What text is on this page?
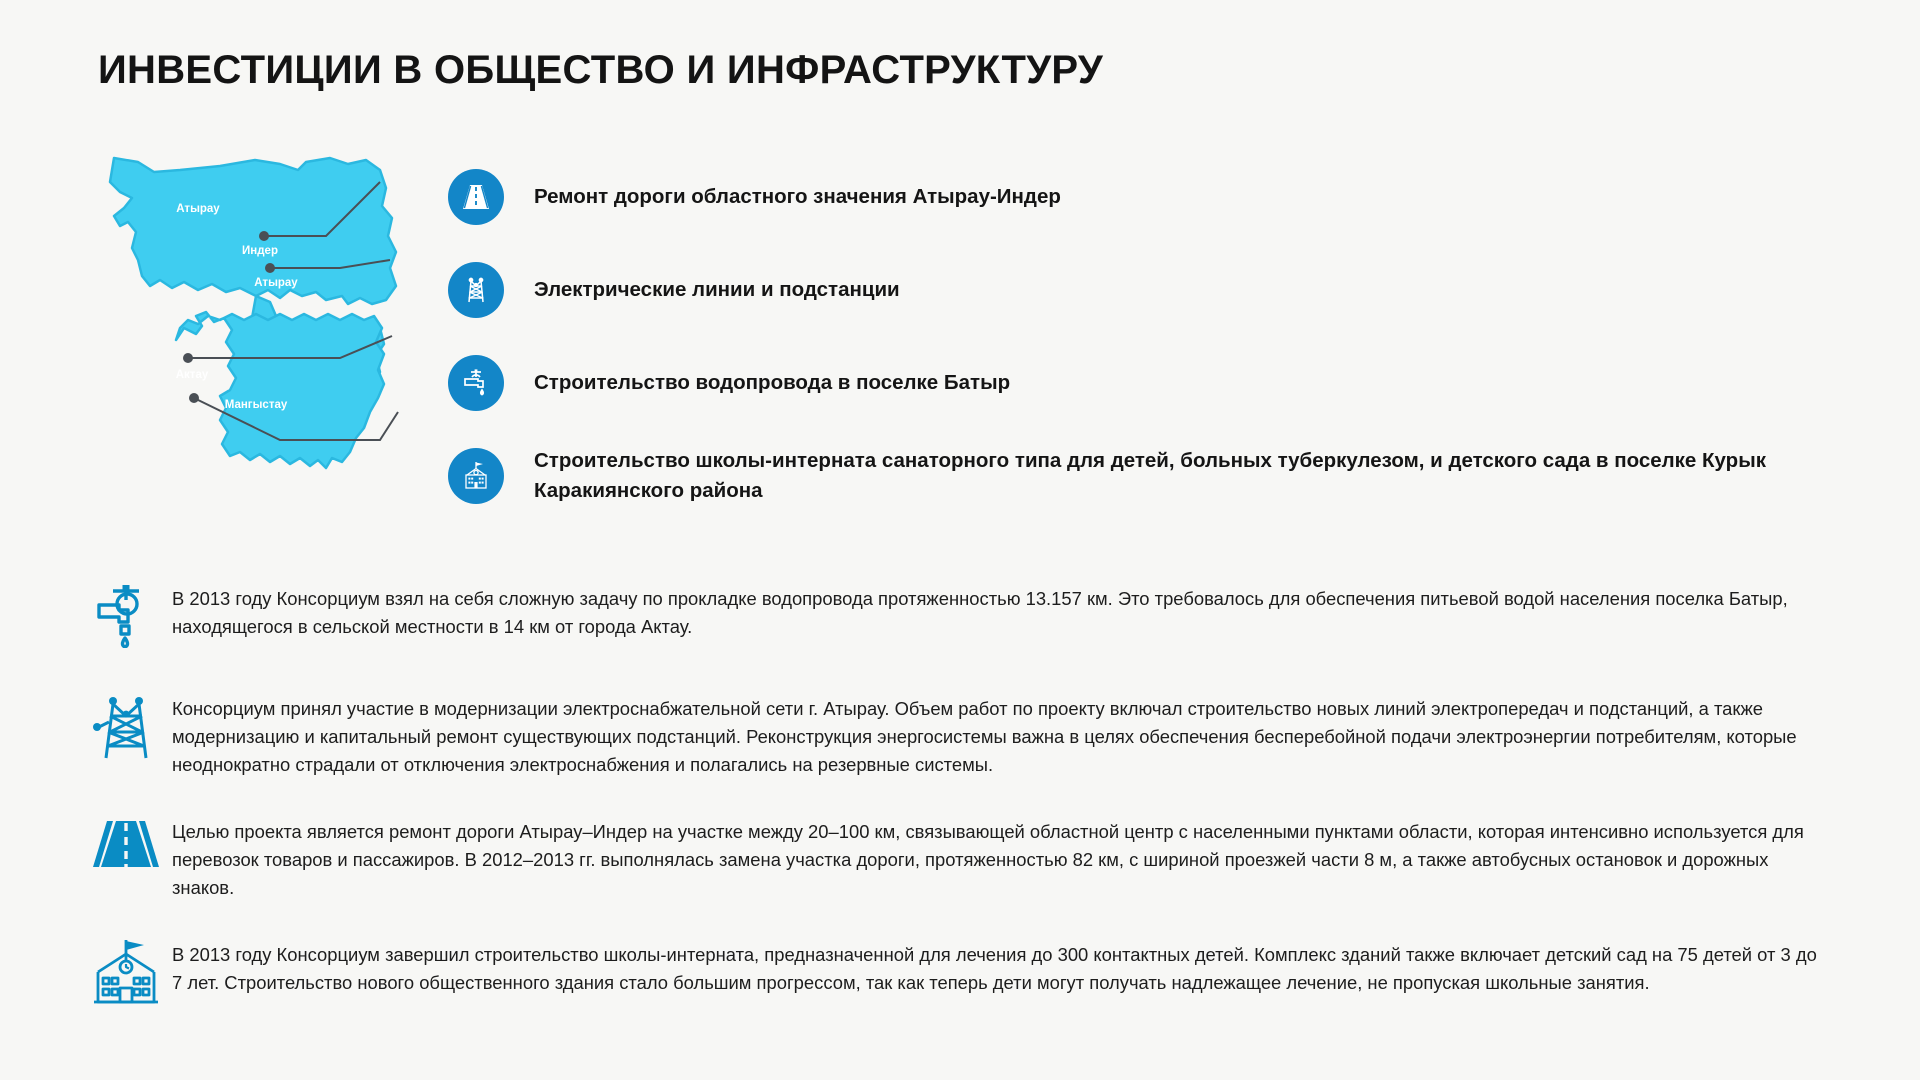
ИНВЕСТИЦИИ В ОБЩЕСТВО И ИНФРАСТРУКТУРУ
Атырау
Индер
Атырау
Актау
Мангыстау
Ремонт дороги областного значения Атырау-Индер
Электрические линии и подстанции
Строительство водопровода в поселке Батыр
Строительство школы-интерната санаторного типа для детей, больных туберкулезом, и детского сада в поселке Курык Каракиянского района
В 2013 году Консорциум взял на себя сложную задачу по прокладке водопровода протяженностью 13.157 км. Это требовалось для обеспечения питьевой водой населения поселка Батыр, находящегося в сельской местности в 14 км от города Актау.
Консорциум принял участие в модернизации электроснабжательной сети г. Атырау. Объем работ по проекту включал строительство новых линий электропередач и подстанций, а также модернизацию и капитальный ремонт существующих подстанций. Реконструкция энергосистемы важна в целях обеспечения бесперебойной подачи электроэнергии потребителям, которые неоднократно страдали от отключения электроснабжения и полагались на резервные системы.
Целью проекта является ремонт дороги Атырау–Индер на участке между 20–100 км, связывающей областной центр с населенными пунктами области, которая интенсивно используется для перевозок товаров и пассажиров. В 2012–2013 гг. выполнялась замена участка дороги, протяженностью 82 км, с шириной проезжей части 8 м, а также автобусных остановок и дорожных знаков.
В 2013 году Консорциум завершил строительство школы-интерната, предназначенной для лечения до 300 контактных детей. Комплекс зданий также включает детский сад на 75 детей от 3 до 7 лет. Строительство нового общественного здания стало большим прогрессом, так как теперь дети могут получать надлежащее лечение, не пропуская школьные занятия.
